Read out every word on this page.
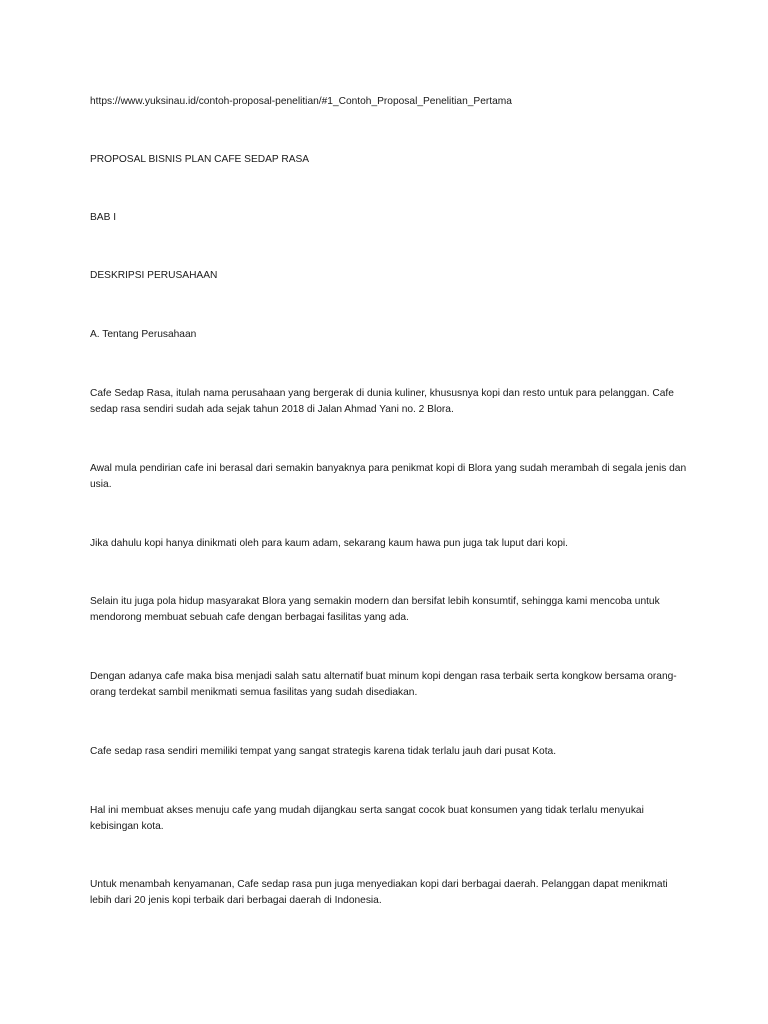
https://www.yuksinau.id/contoh-proposal-penelitian/#1_Contoh_Proposal_Penelitian_Pertama

PROPOSAL BISNIS PLAN CAFE SEDAP RASA

BAB I

DESKRIPSI PERUSAHAAN

A. Tentang Perusahaan

Cafe Sedap Rasa, itulah nama perusahaan yang bergerak di dunia kuliner, khususnya kopi dan resto untuk para pelanggan. Cafe sedap rasa sendiri sudah ada sejak tahun 2018 di Jalan Ahmad Yani no. 2 Blora.

Awal mula pendirian cafe ini berasal dari semakin banyaknya para penikmat kopi di Blora yang sudah merambah di segala jenis dan usia.

Jika dahulu kopi hanya dinikmati oleh para kaum adam, sekarang kaum hawa pun juga tak luput dari kopi.

Selain itu juga pola hidup masyarakat Blora yang semakin modern dan bersifat lebih konsumtif, sehingga kami mencoba untuk mendorong membuat sebuah cafe dengan berbagai fasilitas yang ada.

Dengan adanya cafe maka bisa menjadi salah satu alternatif buat minum kopi dengan rasa terbaik serta kongkow bersama orang-orang terdekat sambil menikmati semua fasilitas yang sudah disediakan.

Cafe sedap rasa sendiri memiliki tempat yang sangat strategis karena tidak terlalu jauh dari pusat Kota.

Hal ini membuat akses menuju cafe yang mudah dijangkau serta sangat cocok buat konsumen yang tidak terlalu menyukai kebisingan kota.

Untuk menambah kenyamanan, Cafe sedap rasa pun juga menyediakan kopi dari berbagai daerah. Pelanggan dapat menikmati lebih dari 20 jenis kopi terbaik dari berbagai daerah di Indonesia.
